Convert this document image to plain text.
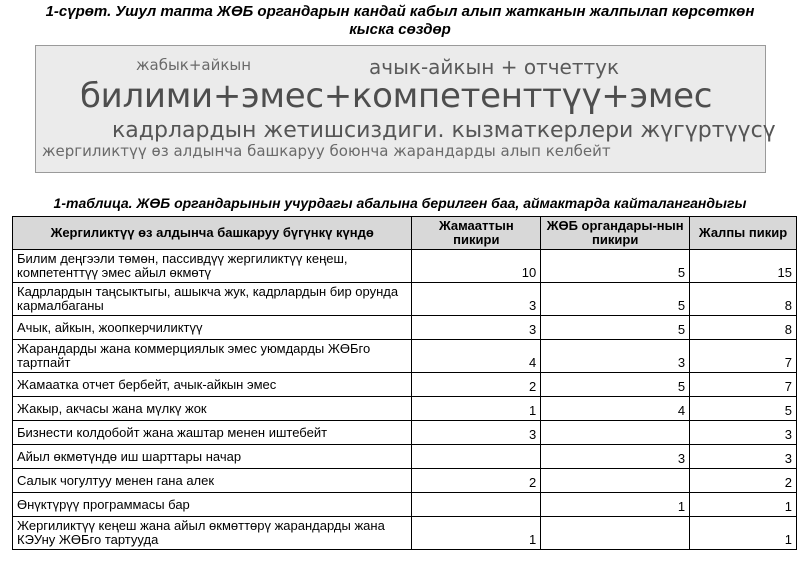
1-сүрөт. Ушул тапта ЖӨБ органдарын кандай кабыл алып жатканын жалпылап көрсөткөн
кыска сөздөр
жабык+айкын	ачык-айкын + отчеттук
билими+эмес+компетенттүү+эмес
кадрлардын жетишсиздиги. кызматкерлери жүгүртүүсү
жергиликтүү өз алдынча башкаруу боюнча жарандарды алып келбейт
1-таблица. ЖӨБ органдарынын учурдагы абалына берилген баа, аймактарда кайталангандыгы
Жергиликтүү өз алдынча башкаруу бүгүнкү күндө	Жамааттын пикири	ЖӨБ органдары-нын пикири	Жалпы пикир
Билим деңгээли төмөн, пассивдүү жергиликтүү кеңеш, компетенттүү эмес айыл өкмөтү	10	5	15
Кадрлардын таңсыктыгы, ашыкча жук, кадрлардын бир орунда кармалбаганы	3	5	8
Ачык, айкын, жоопкерчиликтүү	3	5	8
Жарандарды жана коммерциялык эмес уюмдарды ЖӨБго тартпайт	4	3	7
Жамаатка отчет бербейт, ачык-айкын эмес	2	5	7
Жакыр, акчасы жана мүлкү жок	1	4	5
Бизнести колдобойт жана жаштар менен иштебейт	3		3
Айыл өкмөтүндө иш шарттары начар		3	3
Салык чогултуу менен гана алек	2		2
Өнүктүрүү программасы бар		1	1
Жергиликтүү кеңеш жана айыл өкмөттөрү жарандарды жана КЭУну ЖӨБго тартууда	1		1
